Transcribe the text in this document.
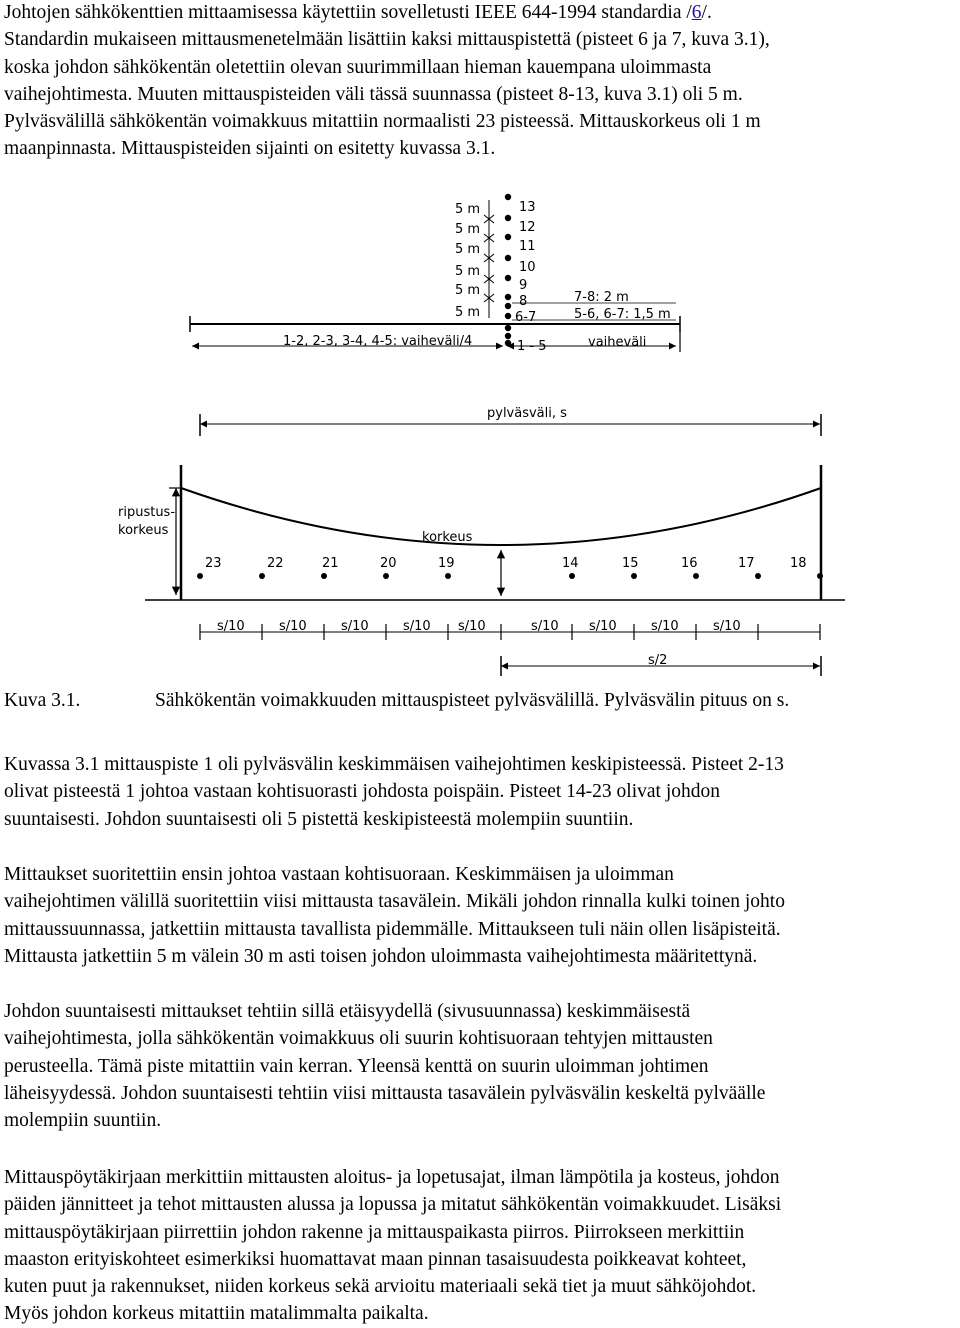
Johtojen sähkökenttien mittaamisessa käytettiin sovelletusti IEEE 644-1994 standardia /6/.
Standardin mukaiseen mittausmenetelmään lisättiin kaksi mittauspistettä (pisteet 6 ja 7, kuva 3.1),
koska johdon sähkökentän oletettiin olevan suurimmillaan hieman kauempana uloimmasta
vaihejohtimesta. Muuten mittauspisteiden väli tässä suunnassa (pisteet 8-13, kuva 3.1) oli 5 m.
Pylväsvälillä sähkökentän voimakkuus mitattiin normaalisti 23 pisteessä. Mittauskorkeus oli 1 m
maanpinnasta. Mittauspisteiden sijainti on esitetty kuvassa 3.1.
5 m
5 m
5 m
5 m
5 m
5 m
13
12
11
10
9
8
6-7
7-8: 2 m
5-6, 6-7: 1,5 m
1-2, 2-3, 3-4, 4-5: vaiheväli/4	1 - 5	vaiheväli
pylväsväli, s
ripustus-
korkeus	korkeus
23	22	21	20	19	14	15	16	17	18
s/10	s/10	s/10	s/10 s/10	s/10 s/10	s/10	s/10
s/2
Kuva 3.1.	Sähkökentän voimakkuuden mittauspisteet pylväsvälillä. Pylväsvälin pituus on s.
Kuvassa 3.1 mittauspiste 1 oli pylväsvälin keskimmäisen vaihejohtimen keskipisteessä. Pisteet 2-13
olivat pisteestä 1 johtoa vastaan kohtisuorasti johdosta poispäin. Pisteet 14-23 olivat johdon
suuntaisesti. Johdon suuntaisesti oli 5 pistettä keskipisteestä molempiin suuntiin.
Mittaukset suoritettiin ensin johtoa vastaan kohtisuoraan. Keskimmäisen ja uloimman
vaihejohtimen välillä suoritettiin viisi mittausta tasavälein. Mikäli johdon rinnalla kulki toinen johto
mittaussuunnassa, jatkettiin mittausta tavallista pidemmälle. Mittaukseen tuli näin ollen lisäpisteitä.
Mittausta jatkettiin 5 m välein 30 m asti toisen johdon uloimmasta vaihejohtimesta määritettynä.
Johdon suuntaisesti mittaukset tehtiin sillä etäisyydellä (sivusuunnassa) keskimmäisestä
vaihejohtimesta, jolla sähkökentän voimakkuus oli suurin kohtisuoraan tehtyjen mittausten
perusteella. Tämä piste mitattiin vain kerran. Yleensä kenttä on suurin uloimman johtimen
läheisyydessä. Johdon suuntaisesti tehtiin viisi mittausta tasavälein pylväsvälin keskeltä pylväälle
molempiin suuntiin.
Mittauspöytäkirjaan merkittiin mittausten aloitus- ja lopetusajat, ilman lämpötila ja kosteus, johdon
päiden jännitteet ja tehot mittausten alussa ja lopussa ja mitatut sähkökentän voimakkuudet. Lisäksi
mittauspöytäkirjaan piirrettiin johdon rakenne ja mittauspaikasta piirros. Piirrokseen merkittiin
maaston erityiskohteet esimerkiksi huomattavat maan pinnan tasaisuudesta poikkeavat kohteet,
kuten puut ja rakennukset, niiden korkeus sekä arvioitu materiaali sekä tiet ja muut sähköjohdot.
Myös johdon korkeus mitattiin matalimmalta paikalta.
